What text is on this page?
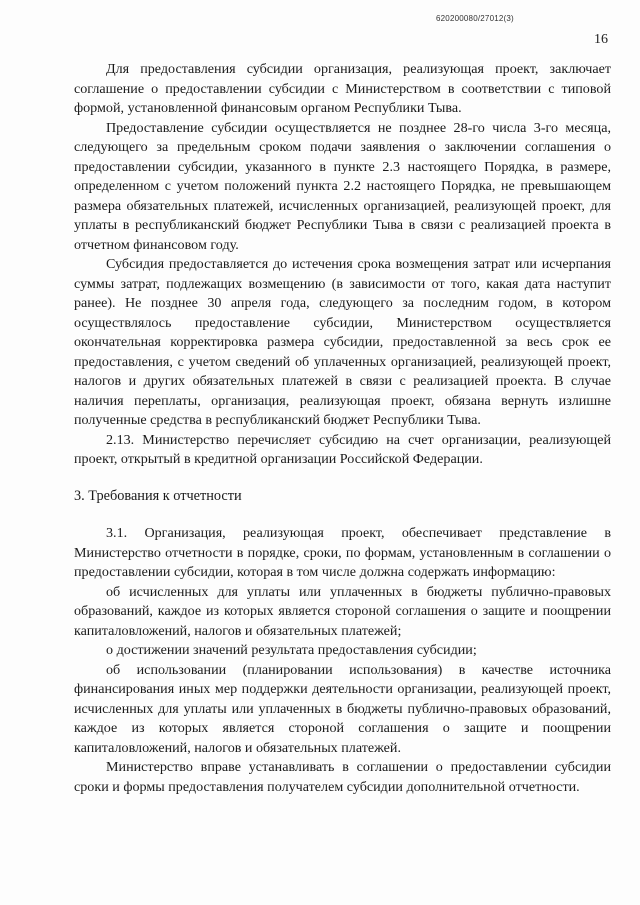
620200080/27012(3)
16

Для предоставления субсидии организация, реализующая проект, заключает соглашение о предоставлении субсидии с Министерством в соответствии с типовой формой, установленной финансовым органом Республики Тыва.

Предоставление субсидии осуществляется не позднее 28-го числа 3-го месяца, следующего за предельным сроком подачи заявления о заключении соглашения о предоставлении субсидии, указанного в пункте 2.3 настоящего Порядка, в размере, определенном с учетом положений пункта 2.2 настоящего Порядка, не превышающем размера обязательных платежей, исчисленных организацией, реализующей проект, для уплаты в республиканский бюджет Республики Тыва в связи с реализацией проекта в отчетном финансовом году.

Субсидия предоставляется до истечения срока возмещения затрат или исчерпания суммы затрат, подлежащих возмещению (в зависимости от того, какая дата наступит ранее). Не позднее 30 апреля года, следующего за последним годом, в котором осуществлялось предоставление субсидии, Министерством осуществляется окончательная корректировка размера субсидии, предоставленной за весь срок ее предоставления, с учетом сведений об уплаченных организацией, реализующей проект, налогов и других обязательных платежей в связи с реализацией проекта. В случае наличия переплаты, организация, реализующая проект, обязана вернуть излишне полученные средства в республиканский бюджет Республики Тыва.

2.13. Министерство перечисляет субсидию на счет организации, реализующей проект, открытый в кредитной организации Российской Федерации.

3. Требования к отчетности

3.1. Организация, реализующая проект, обеспечивает представление в Министерство отчетности в порядке, сроки, по формам, установленным в соглашении о предоставлении субсидии, которая в том числе должна содержать информацию:

об исчисленных для уплаты или уплаченных в бюджеты публично-правовых образований, каждое из которых является стороной соглашения о защите и поощрении капиталовложений, налогов и обязательных платежей;

о достижении значений результата предоставления субсидии;

об использовании (планировании использования) в качестве источника финансирования иных мер поддержки деятельности организации, реализующей проект, исчисленных для уплаты или уплаченных в бюджеты публично-правовых образований, каждое из которых является стороной соглашения о защите и поощрении капиталовложений, налогов и обязательных платежей.

Министерство вправе устанавливать в соглашении о предоставлении субсидии сроки и формы предоставления получателем субсидии дополнительной отчетности.
